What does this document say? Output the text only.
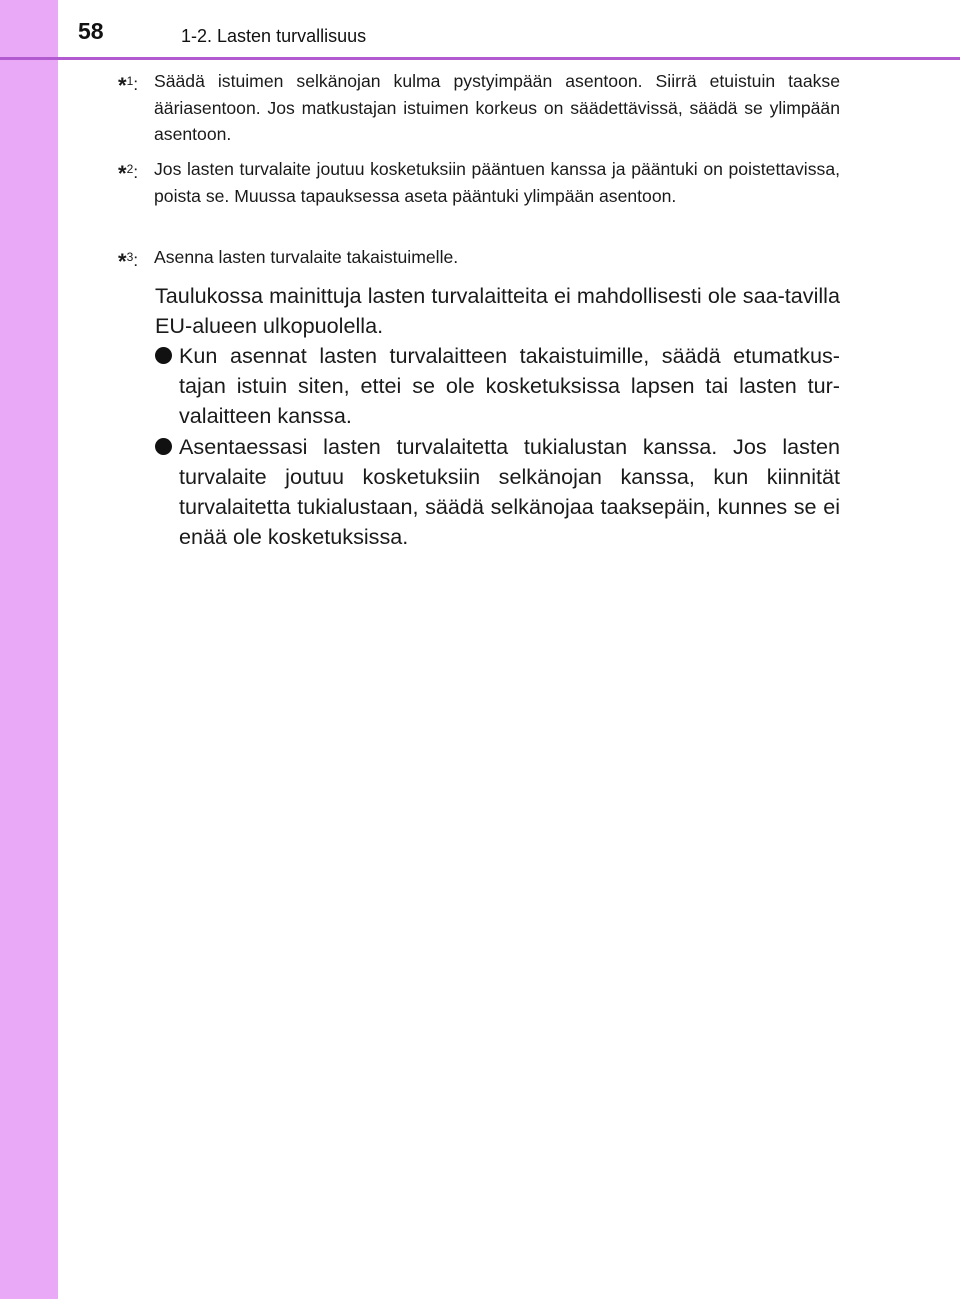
58	1-2. Lasten turvallisuus
*$^1$: Säädä istuimen selkänojan kulma pystyimpään asentoon. Siirrä etuistuin taakse ääriasentoon. Jos matkustajan istuimen korkeus on säädettävissä, säädä se ylimpään asentoon.
*$^2$: Jos lasten turvalaite joutuu kosketuksiin pääntuen kanssa ja pääntuki on poistettavissa, poista se. Muussa tapauksessa aseta pääntuki ylimpään asentoon.
*$^3$: Asenna lasten turvalaite takaistuimelle.
Taulukossa mainittuja lasten turvalaitteita ei mahdollisesti ole saa-tavilla EU-alueen ulkopuolella.
Kun asennat lasten turvalaitteen takaistuimille, säädä etumatkus-tajan istuin siten, ettei se ole kosketuksissa lapsen tai lasten tur-valaitteen kanssa.
Asentaessasi lasten turvalaitetta tukialustan kanssa. Jos lasten turvalaite joutuu kosketuksiin selkänojan kanssa, kun kiinnität turvalaitetta tukialustaan, säädä selkänojaa taaksepäin, kunnes se ei enää ole kosketuksissa.
